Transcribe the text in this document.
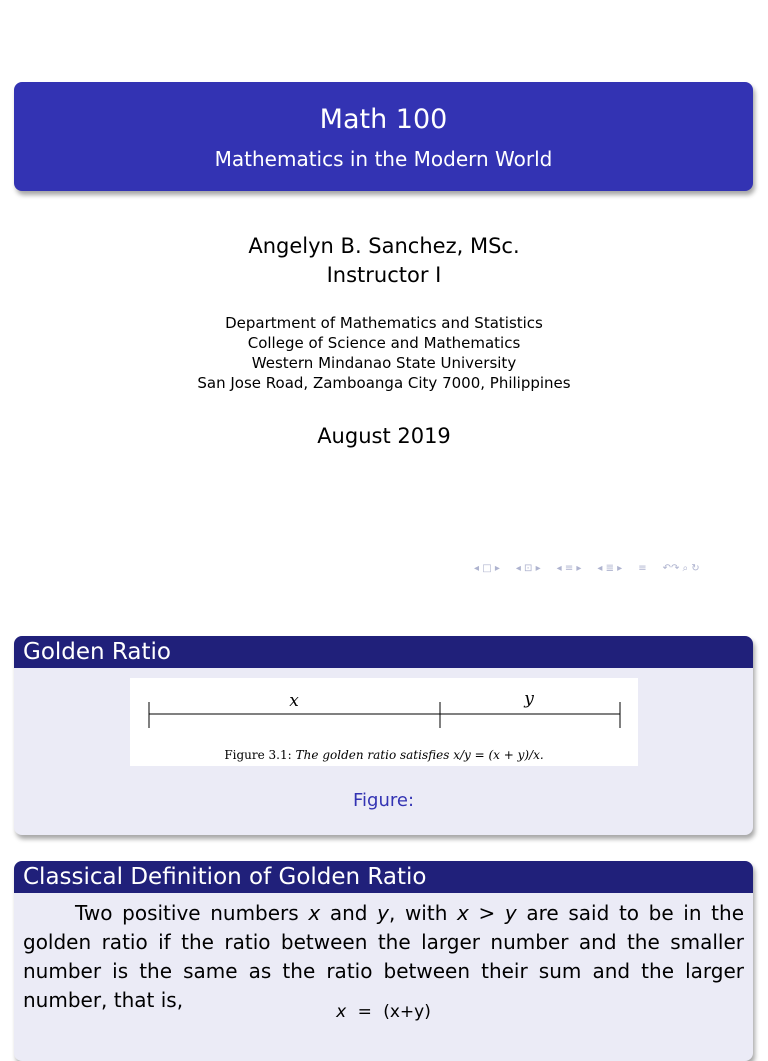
Math 100
Mathematics in the Modern World
Angelyn B. Sanchez, MSc.
Instructor I
Department of Mathematics and Statistics
College of Science and Mathematics
Western Mindanao State University
San Jose Road, Zamboanga City 7000, Philippines
August 2019
◂ □ ▸ ◂ ⊡ ▸ ◂ ≡ ▸ ◂ ≣ ▸ ≡ ↶↷ ⌕ ↻
Golden Ratio
x	y
Figure 3.1: The golden ratio satisfies x/y = (x + y)/x.
Figure:
Classical Definition of Golden Ratio
Two positive numbers x and y, with x > y are said to be in the golden ratio if the ratio between the larger number and the smaller number is the same as the ratio between their sum and the larger number, that is,	x = (x+y)
